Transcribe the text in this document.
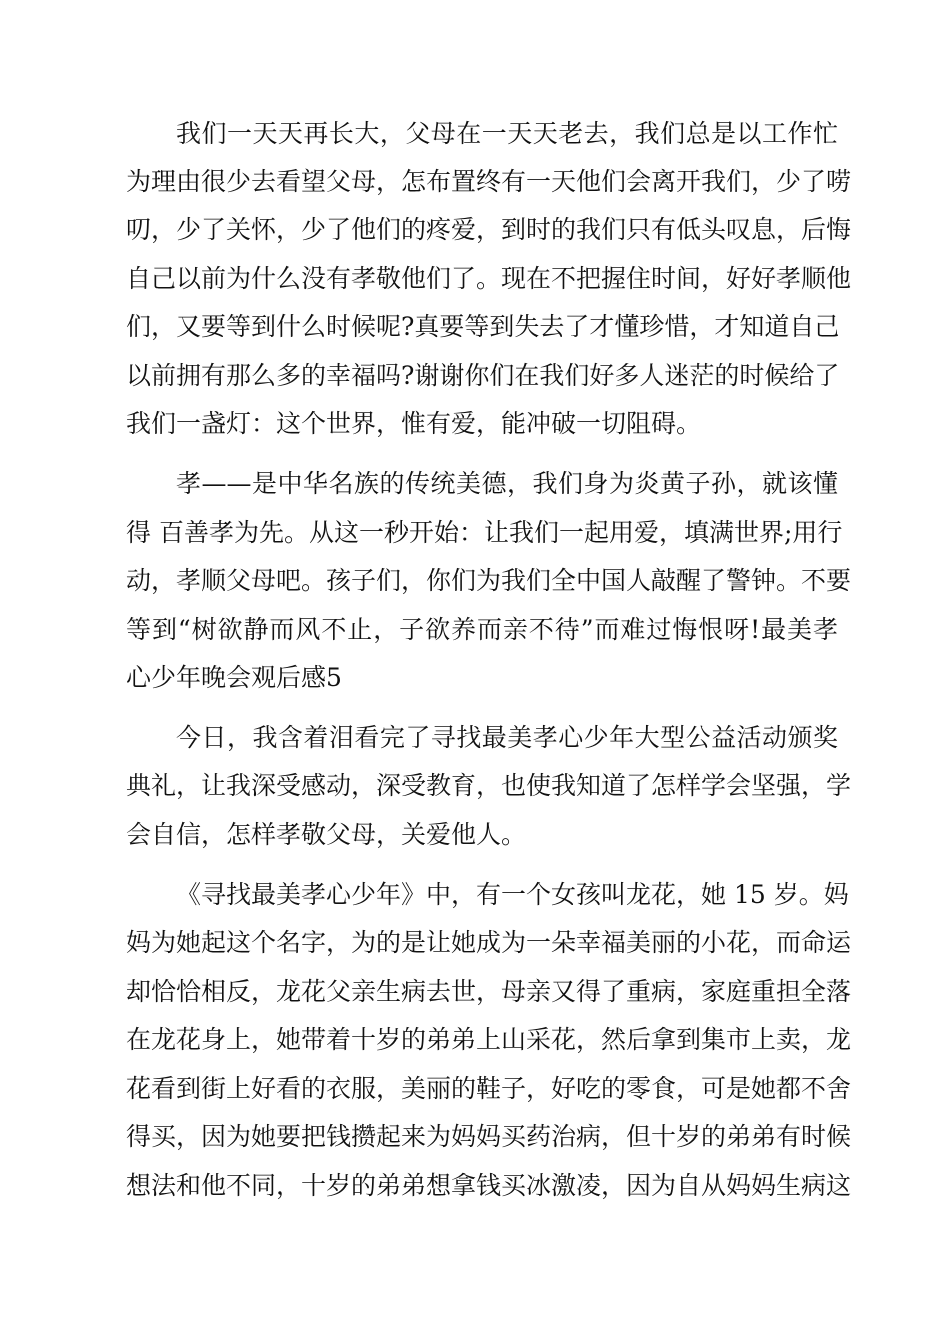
我们一天天再长大，父母在一天天老去，我们总是以工作忙
为理由很少去看望父母，怎布置终有一天他们会离开我们，少了唠
叨，少了关怀，少了他们的疼爱，到时的我们只有低头叹息，后悔
自己以前为什么没有孝敬他们了。现在不把握住时间，好好孝顺他
们，又要等到什么时候呢?真要等到失去了才懂珍惜，才知道自己
以前拥有那么多的幸福吗?谢谢你们在我们好多人迷茫的时候给了
我们一盏灯：这个世界，惟有爱，能冲破一切阻碍。
孝——是中华名族的传统美德，我们身为炎黄子孙，就该懂
得 百善孝为先。从这一秒开始：让我们一起用爱，填满世界;用行
动，孝顺父母吧。孩子们，你们为我们全中国人敲醒了警钟。不要
等到“树欲静而风不止，子欲养而亲不待”而难过悔恨呀!最美孝
心少年晚会观后感5
今日，我含着泪看完了寻找最美孝心少年大型公益活动颁奖
典礼，让我深受感动，深受教育，也使我知道了怎样学会坚强，学
会自信，怎样孝敬父母，关爱他人。
《寻找最美孝心少年》中，有一个女孩叫龙花，她 15 岁。妈
妈为她起这个名字，为的是让她成为一朵幸福美丽的小花，而命运
却恰恰相反，龙花父亲生病去世，母亲又得了重病，家庭重担全落
在龙花身上，她带着十岁的弟弟上山采花，然后拿到集市上卖，龙
花看到街上好看的衣服，美丽的鞋子，好吃的零食，可是她都不舍
得买，因为她要把钱攒起来为妈妈买药治病，但十岁的弟弟有时候
想法和他不同，十岁的弟弟想拿钱买冰激凌，因为自从妈妈生病这
